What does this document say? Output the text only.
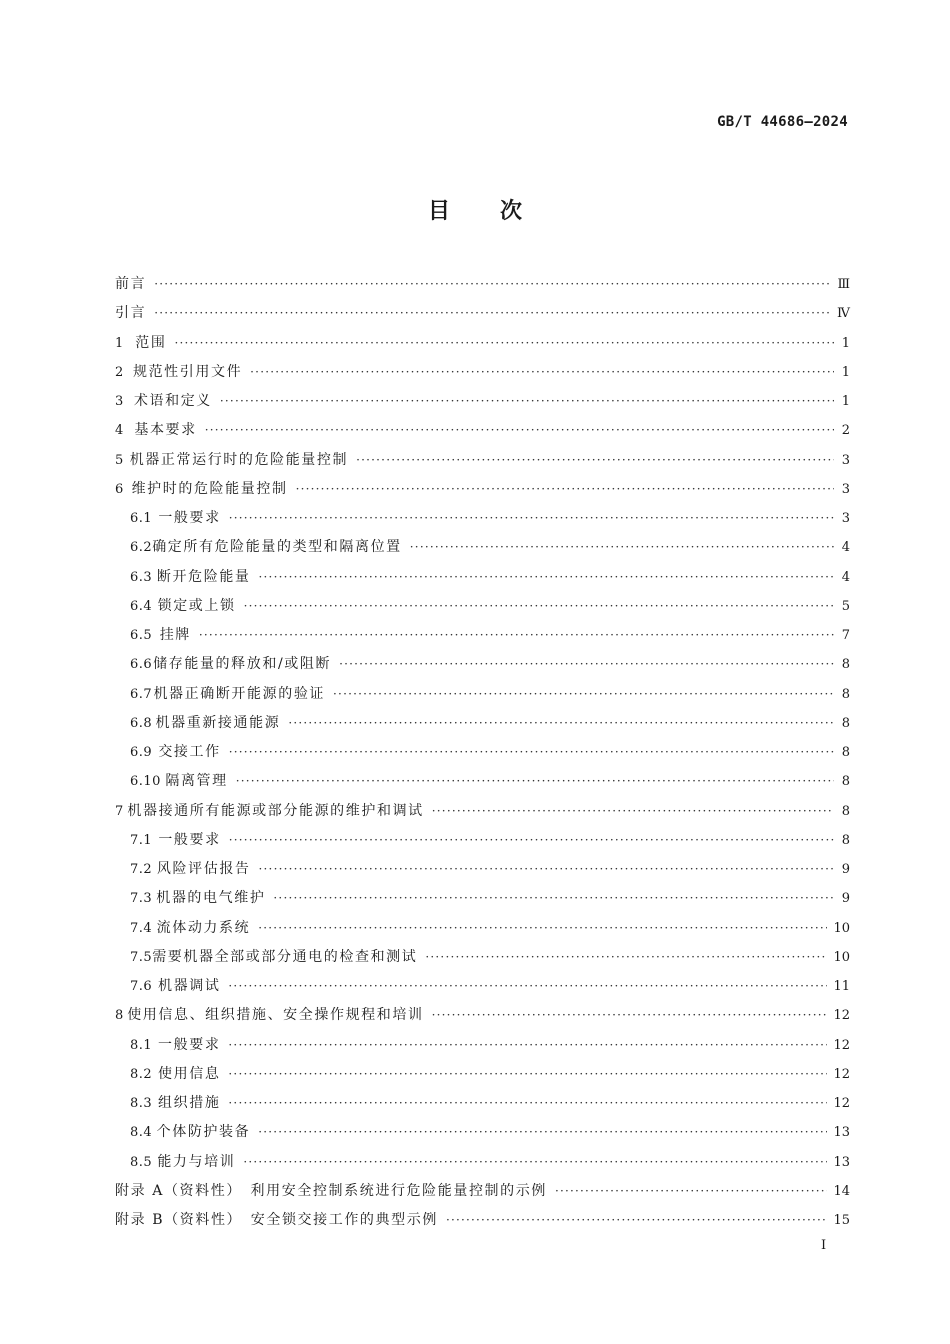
GB/T 44686—2024
目次
前言 ·····	Ⅲ
引言 ·····	Ⅳ
1 范围 ·····	1
2 规范性引用文件 ·····	1
3 术语和定义 ·····	1
4 基本要求 ·····	2
5 机器正常运行时的危险能量控制 ·····	3
6 维护时的危险能量控制 ·····	3
6.1 一般要求 ·····	3
6.2 确定所有危险能量的类型和隔离位置 ·····	4
6.3 断开危险能量 ·····	4
6.4 锁定或上锁 ·····	5
6.5 挂牌 ·····	7
6.6 储存能量的释放和/或阻断 ·····	8
6.7 机器正确断开能源的验证 ·····	8
6.8 机器重新接通能源 ·····	8
6.9 交接工作 ·····	8
6.10 隔离管理 ·····	8
7 机器接通所有能源或部分能源的维护和调试 ·····	8
7.1 一般要求 ·····	8
7.2 风险评估报告 ·····	9
7.3 机器的电气维护 ·····	9
7.4 流体动力系统 ·····	10
7.5 需要机器全部或部分通电的检查和测试 ·····	10
7.6 机器调试 ·····	11
8 使用信息、组织措施、安全操作规程和培训 ·····	12
8.1 一般要求 ·····	12
8.2 使用信息 ·····	12
8.3 组织措施 ·····	12
8.4 个体防护装备 ·····	13
8.5 能力与培训 ·····	13
附录 A（资料性）　利用安全控制系统进行危险能量控制的示例 ·····	14
附录 B（资料性）　安全锁交接工作的典型示例 ·····	15
I
